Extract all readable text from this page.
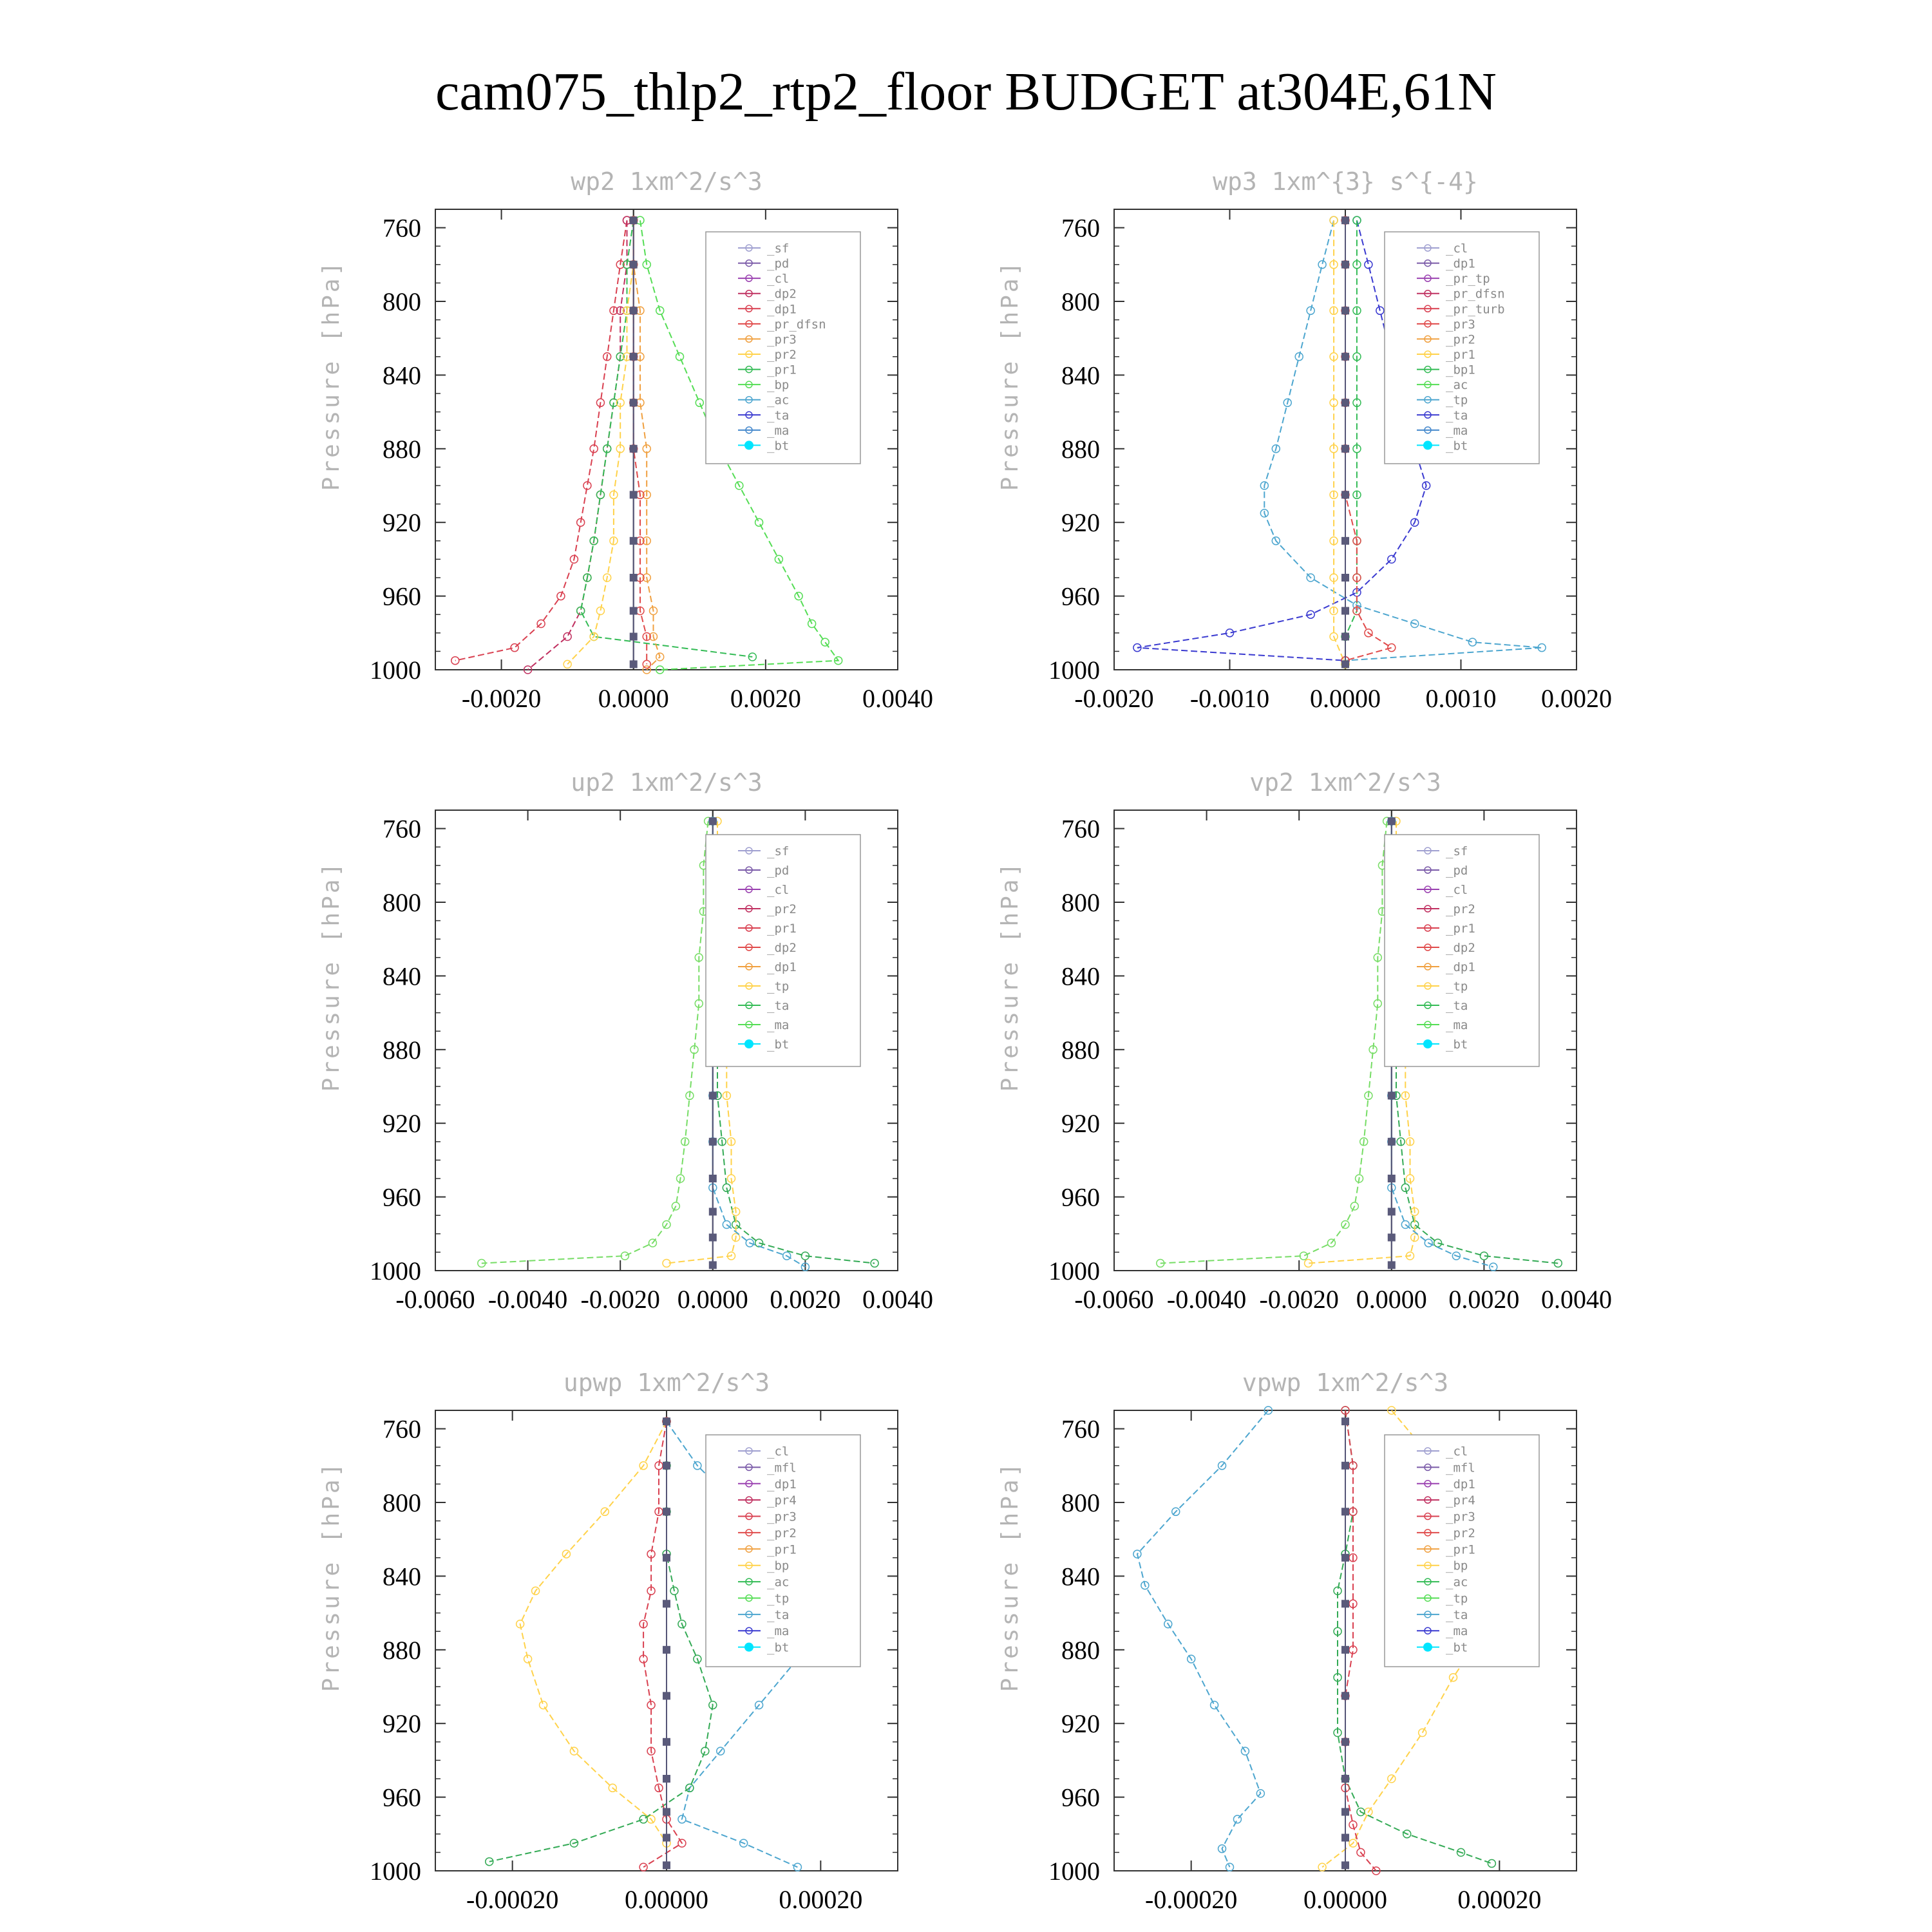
cam075_thlp2_rtp2_floor BUDGET at304E,61N
wp2 1xm^2/s^3
760
800
840
880
920
960
1000
-0.0020 0.0000 0.0020 0.0040
Pressure [hPa]
_sf
_pd
_cl
_dp2
_dp1
_pr_dfsn
_pr3
_pr2
_pr1
_bp
_ac
_ta
_ma
_bt
wp3 1xm^{3} s^{-4}
760
800
840
880
920
960
1000
-0.0020 -0.0010 0.0000 0.0010 0.0020
Pressure [hPa]
_cl
_dp1
_pr_tp
_pr_dfsn
_pr_turb
_pr3
_pr2
_pr1
_bp1
_ac
_tp
_ta
_ma
_bt
up2 1xm^2/s^3
760
800
840
880
920
960
1000
-0.0060 -0.0040 -0.0020 0.0000 0.0020 0.0040
Pressure [hPa]
_sf
_pd
_cl
_pr2
_pr1
_dp2
_dp1
_tp
_ta
_ma
_bt
vp2 1xm^2/s^3
760
800
840
880
920
960
1000
-0.0060 -0.0040 -0.0020 0.0000 0.0020 0.0040
Pressure [hPa]
_sf
_pd
_cl
_pr2
_pr1
_dp2
_dp1
_tp
_ta
_ma
_bt
upwp 1xm^2/s^3
760
800
840
880
920
960
1000
-0.00020	0.00000	0.00020
Pressure [hPa]
_cl
_mfl
_dp1
_pr4
_pr3
_pr2
_pr1
_bp
_ac
_tp
_ta
_ma
_bt
vpwp 1xm^2/s^3
760
800
840
880
920
960
1000
-0.00020	0.00000	0.00020
Pressure [hPa]
_cl
_mfl
_dp1
_pr4
_pr3
_pr2
_pr1
_bp
_ac
_tp
_ta
_ma
_bt
